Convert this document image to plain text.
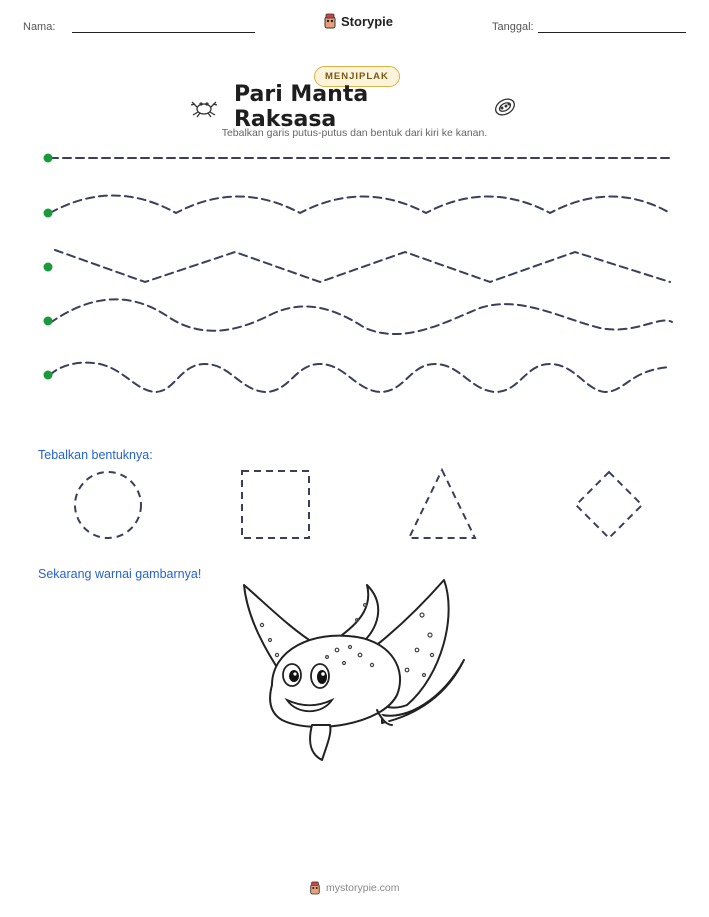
Nama:	Storypie	Tanggal:
MENJIPLAK
Pari Manta Raksasa
Tebalkan garis putus-putus dan bentuk dari kiri ke kanan.
Tebalkan bentuknya:
Sekarang warnai gambarnya!
mystorypie.com
